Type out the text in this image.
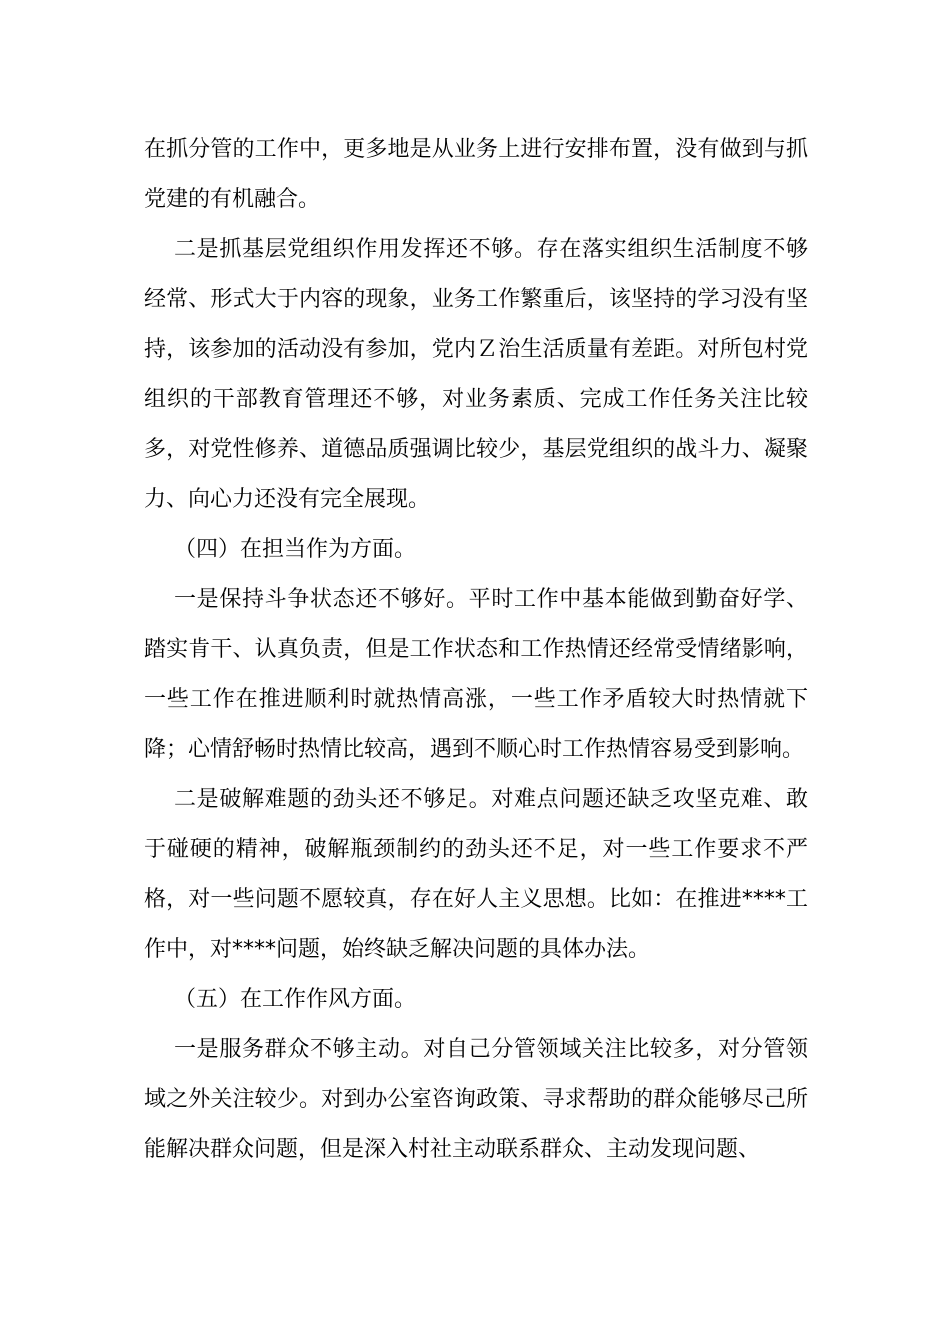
在抓分管的工作中，更多地是从业务上进行安排布置，没有做到与抓党建的有机融合。

二是抓基层党组织作用发挥还不够。存在落实组织生活制度不够经常、形式大于内容的现象，业务工作繁重后，该坚持的学习没有坚持，该参加的活动没有参加，党内Ｚ治生活质量有差距。对所包村党组织的干部教育管理还不够，对业务素质、完成工作任务关注比较多，对党性修养、道德品质强调比较少，基层党组织的战斗力、凝聚力、向心力还没有完全展现。

（四）在担当作为方面。

一是保持斗争状态还不够好。平时工作中基本能做到勤奋好学、踏实肯干、认真负责，但是工作状态和工作热情还经常受情绪影响，一些工作在推进顺利时就热情高涨，一些工作矛盾较大时热情就下降；心情舒畅时热情比较高，遇到不顺心时工作热情容易受到影响。

二是破解难题的劲头还不够足。对难点问题还缺乏攻坚克难、敢于碰硬的精神，破解瓶颈制约的劲头还不足，对一些工作要求不严格，对一些问题不愿较真，存在好人主义思想。比如：在推进****工作中，对****问题，始终缺乏解决问题的具体办法。

（五）在工作作风方面。

一是服务群众不够主动。对自己分管领域关注比较多，对分管领域之外关注较少。对到办公室咨询政策、寻求帮助的群众能够尽己所能解决群众问题，但是深入村社主动联系群众、主动发现问题、
